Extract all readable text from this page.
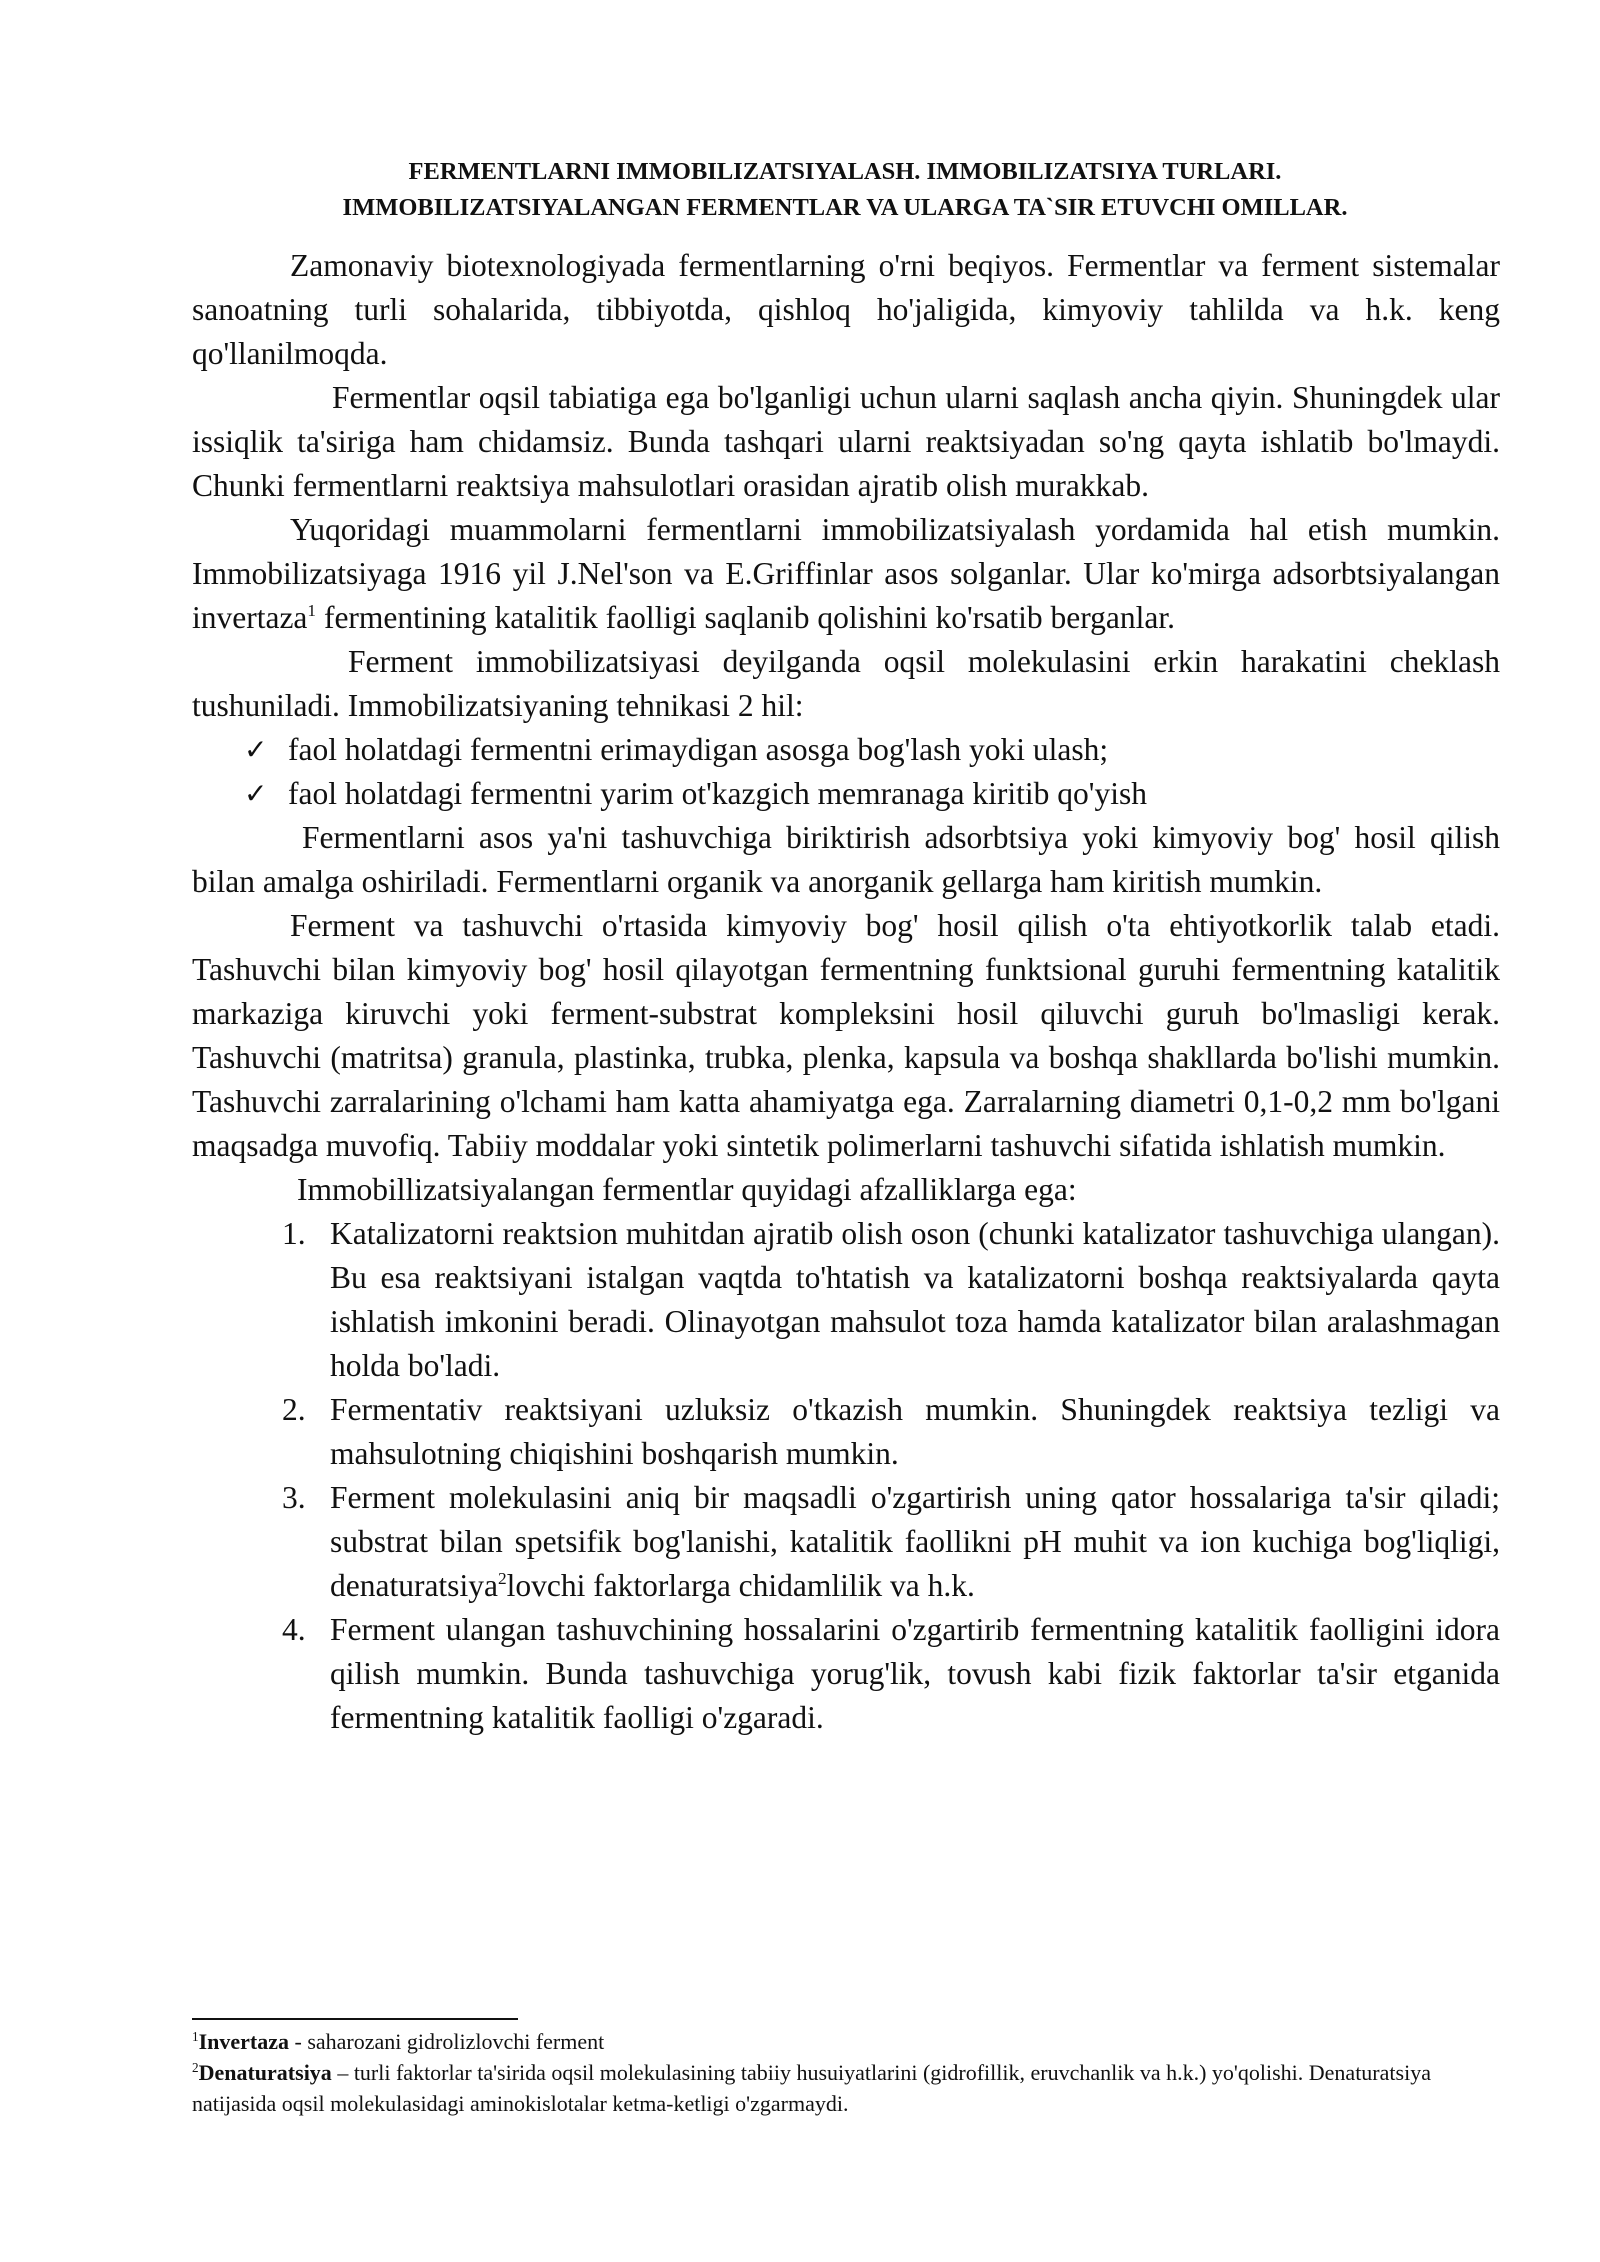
FERMENTLARNI IMMOBILIZATSIYALASH. IMMOBILIZATSIYA TURLARI.
IMMOBILIZATSIYALANGAN FERMENTLAR VA ULARGA TA`SIR ETUVCHI OMILLAR.

Zamonaviy biotexnologiyada fermentlarning o'rni beqiyos. Fermentlar va ferment sistemalar sanoatning turli sohalarida, tibbiyotda, qishloq ho'jaligida, kimyoviy tahlilda va h.k. keng qo'llanilmoqda.

Fermentlar oqsil tabiatiga ega bo'lganligi uchun ularni saqlash ancha qiyin. Shuningdek ular issiqlik ta'siriga ham chidamsiz. Bunda tashqari ularni reaktsiyadan so'ng qayta ishlatib bo'lmaydi. Chunki fermentlarni reaktsiya mahsulotlari orasidan ajratib olish murakkab.

Yuqoridagi muammolarni fermentlarni immobilizatsiyalash yordamida hal etish mumkin. Immobilizatsiyaga 1916 yil J.Nel'son va E.Griffinlar asos solganlar. Ular ko'mirga adsorbtsiyalangan invertaza$^1$ fermentining katalitik faolligi saqlanib qolishini ko'rsatib berganlar.

Ferment immobilizatsiyasi deyilganda oqsil molekulasini erkin harakatini cheklash tushuniladi. Immobilizatsiyaning tehnikasi 2 hil:

✓ faol holatdagi fermentni erimaydigan asosga bog'lash yoki ulash;
✓ faol holatdagi fermentni yarim ot'kazgich memranaga kiritib qo'yish

Fermentlarni asos ya'ni tashuvchiga biriktirish adsorbtsiya yoki kimyoviy bog' hosil qilish bilan amalga oshiriladi. Fermentlarni organik va anorganik gellarga ham kiritish mumkin.

Ferment va tashuvchi o'rtasida kimyoviy bog' hosil qilish o'ta ehtiyotkorlik talab etadi. Tashuvchi bilan kimyoviy bog' hosil qilayotgan fermentning funktsional guruhi fermentning katalitik markaziga kiruvchi yoki ferment-substrat kompleksini hosil qiluvchi guruh bo'lmasligi kerak. Tashuvchi (matritsa) granula, plastinka, trubka, plenka, kapsula va boshqa shakllarda bo'lishi mumkin. Tashuvchi zarralarining o'lchami ham katta ahamiyatga ega. Zarralarning diametri 0,1-0,2 mm bo'lgani maqsadga muvofiq. Tabiiy moddalar yoki sintetik polimerlarni tashuvchi sifatida ishlatish mumkin.

Immobillizatsiyalangan fermentlar quyidagi afzalliklarga ega:

1. Katalizatorni reaktsion muhitdan ajratib olish oson (chunki katalizator tashuvchiga ulangan). Bu esa reaktsiyani istalgan vaqtda to'htatish va katalizatorni boshqa reaktsiyalarda qayta ishlatish imkonini beradi. Olinayotgan mahsulot toza hamda katalizator bilan aralashmagan holda bo'ladi.
2. Fermentativ reaktsiyani uzluksiz o'tkazish mumkin. Shuningdek reaktsiya tezligi va mahsulotning chiqishini boshqarish mumkin.
3. Ferment molekulasini aniq bir maqsadli o'zgartirish uning qator hossalariga ta'sir qiladi; substrat bilan spetsifik bog'lanishi, katalitik faollikni pH muhit va ion kuchiga bog'liqligi, denaturatsiya$^2$lovchi faktorlarga chidamlilik va h.k.
4. Ferment ulangan tashuvchining hossalarini o'zgartirib fermentning katalitik faolligini idora qilish mumkin. Bunda tashuvchiga yorug'lik, tovush kabi fizik faktorlar ta'sir etganida fermentning katalitik faolligi o'zgaradi.

$^1$Invertaza - saharozani gidrolizlovchi ferment

$^2$Denaturatsiya – turli faktorlar ta'sirida oqsil molekulasining tabiiy husuiyatlarini (gidrofillik, eruvchanlik va h.k.) yo'qolishi. Denaturatsiya natijasida oqsil molekulasidagi aminokislotalar ketma-ketligi o'zgarmaydi.
